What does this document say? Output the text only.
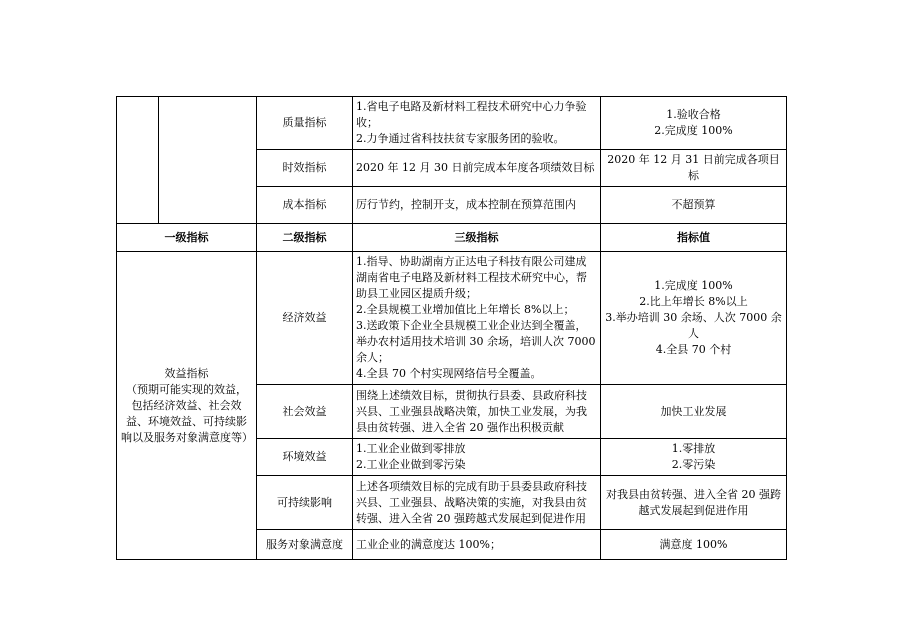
		质量指标	1.省电子电路及新材料工程技术研究中心力争验收；
2.力争通过省科技扶贫专家服务团的验收。	1.验收合格
2.完成度 100%
		时效指标	2020 年 12 月 30 日前完成本年度各项绩效目标	2020 年 12 月 31 日前完成各项目标
		成本指标	厉行节约，控制开支，成本控制在预算范围内	不超预算
一级指标		二级指标	三级指标	指标值
效益指标
（预期可能实现的效益，包括经济效益、社会效益、环境效益、可持续影响以及服务对象满意度等）		经济效益	1.指导、协助湖南方正达电子科技有限公司建成湖南省电子电路及新材料工程技术研究中心，帮助县工业园区提质升级；
2.全县规模工业增加值比上年增长 8%以上；
3.送政策下企业全县规模工业企业达到全覆盖，举办农村适用技术培训 30 余场，培训人次 7000 余人；
4.全县 70 个村实现网络信号全覆盖。	1.完成度 100%
2.比上年增长 8%以上
3.举办培训 30 余场、人次 7000 余人
4.全县 70 个村
		社会效益	围绕上述绩效目标，贯彻执行县委、县政府科技兴县、工业强县战略决策，加快工业发展，为我县由贫转强、进入全省 20 强作出积极贡献	加快工业发展
		环境效益	1.工业企业做到零排放
2.工业企业做到零污染	1.零排放
2.零污染
		可持续影响	上述各项绩效目标的完成有助于县委县政府科技兴县、工业强县、战略决策的实施，对我县由贫转强、进入全省 20 强跨越式发展起到促进作用	对我县由贫转强、进入全省 20 强跨越式发展起到促进作用
		服务对象满意度	工业企业的满意度达 100%；	满意度 100%
